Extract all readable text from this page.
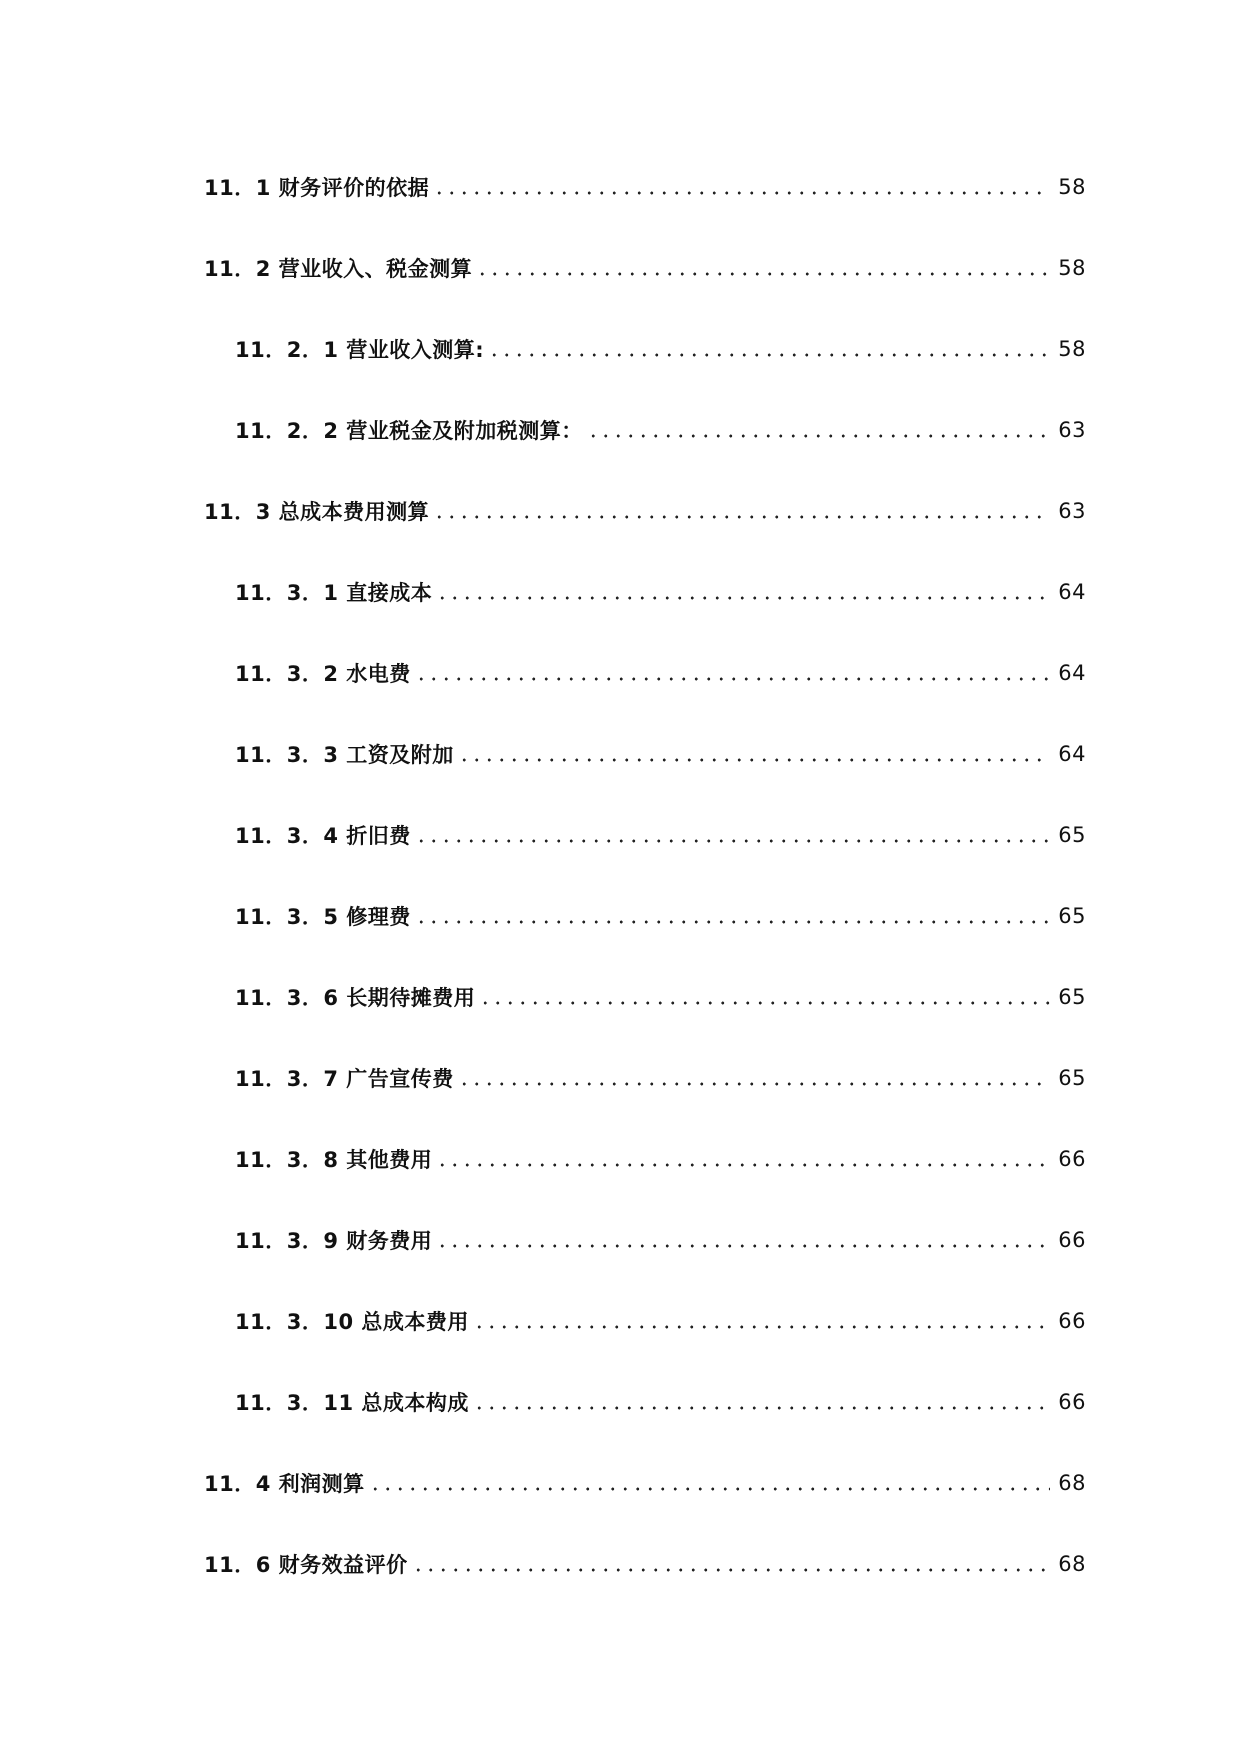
11．1 财务评价的依据	58
11．2 营业收入、税金测算	58
11．2．1 营业收入测算:	58
11．2．2 营业税金及附加税测算：	63
11．3 总成本费用测算	63
11．3．1 直接成本	64
11．3．2 水电费	64
11．3．3 工资及附加	64
11．3．4 折旧费	65
11．3．5 修理费	65
11．3．6 长期待摊费用	65
11．3．7 广告宣传费	65
11．3．8 其他费用	66
11．3．9 财务费用	66
11．3．10 总成本费用	66
11．3．11 总成本构成	66
11．4 利润测算	68
11．6 财务效益评价	68
